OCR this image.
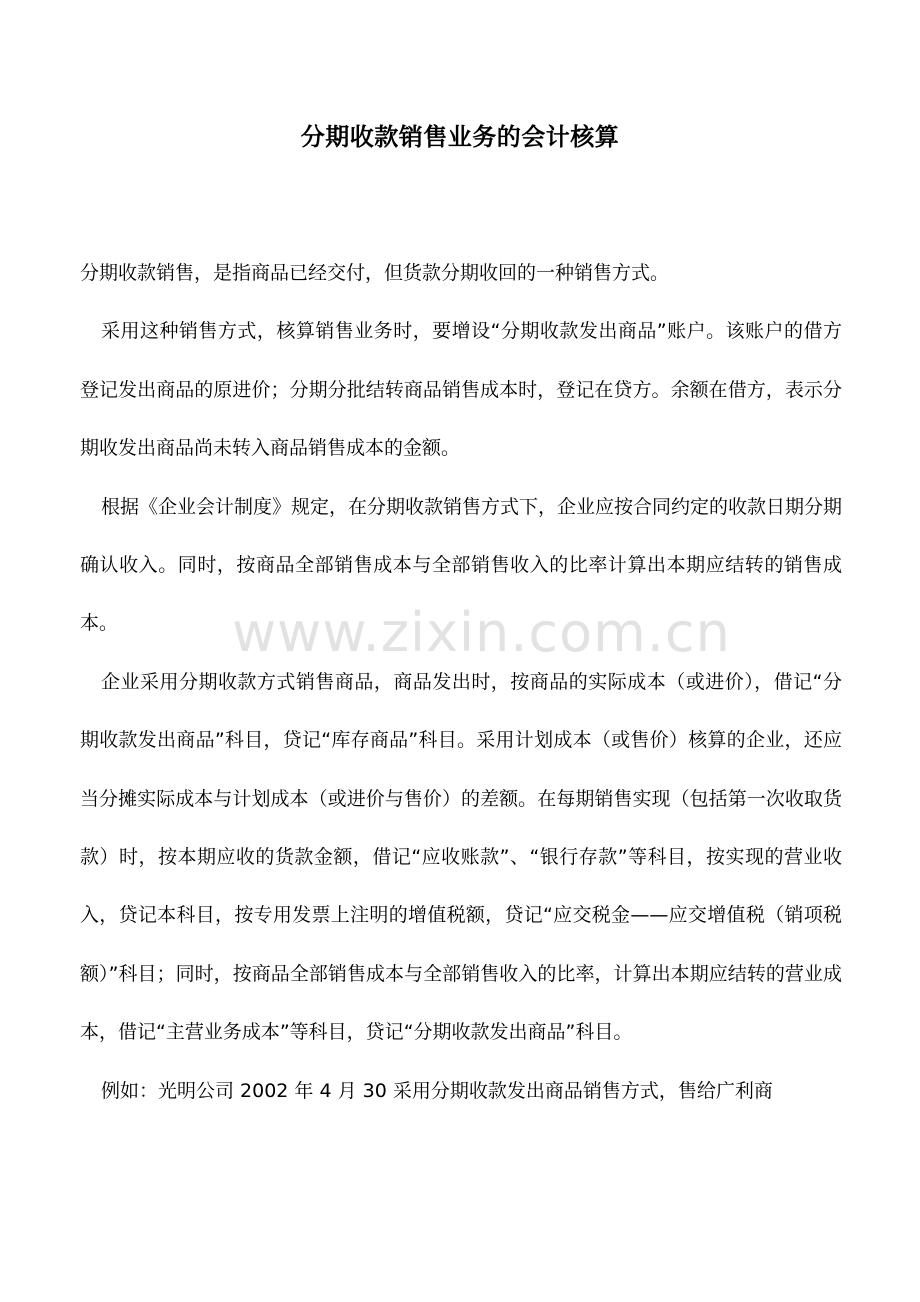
分期收款销售业务的会计核算

分期收款销售，是指商品已经交付，但货款分期收回的一种销售方式。

采用这种销售方式，核算销售业务时，要增设“分期收款发出商品”账户。该账户的借方登记发出商品的原进价；分期分批结转商品销售成本时，登记在贷方。余额在借方，表示分期收发出商品尚未转入商品销售成本的金额。

根据《企业会计制度》规定，在分期收款销售方式下，企业应按合同约定的收款日期分期确认收入。同时，按商品全部销售成本与全部销售收入的比率计算出本期应结转的销售成本。

企业采用分期收款方式销售商品，商品发出时，按商品的实际成本（或进价），借记“分期收款发出商品”科目，贷记“库存商品”科目。采用计划成本（或售价）核算的企业，还应当分摊实际成本与计划成本（或进价与售价）的差额。在每期销售实现（包括第一次收取货款）时，按本期应收的货款金额，借记“应收账款”、“银行存款”等科目，按实现的营业收入，贷记本科目，按专用发票上注明的增值税额，贷记“应交税金——应交增值税（销项税额）”科目；同时，按商品全部销售成本与全部销售收入的比率，计算出本期应结转的营业成本，借记“主营业务成本”等科目，贷记“分期收款发出商品”科目。

例如：光明公司 2002 年 4 月 30 采用分期收款发出商品销售方式，售给广利商

www.zixin.com.cn
